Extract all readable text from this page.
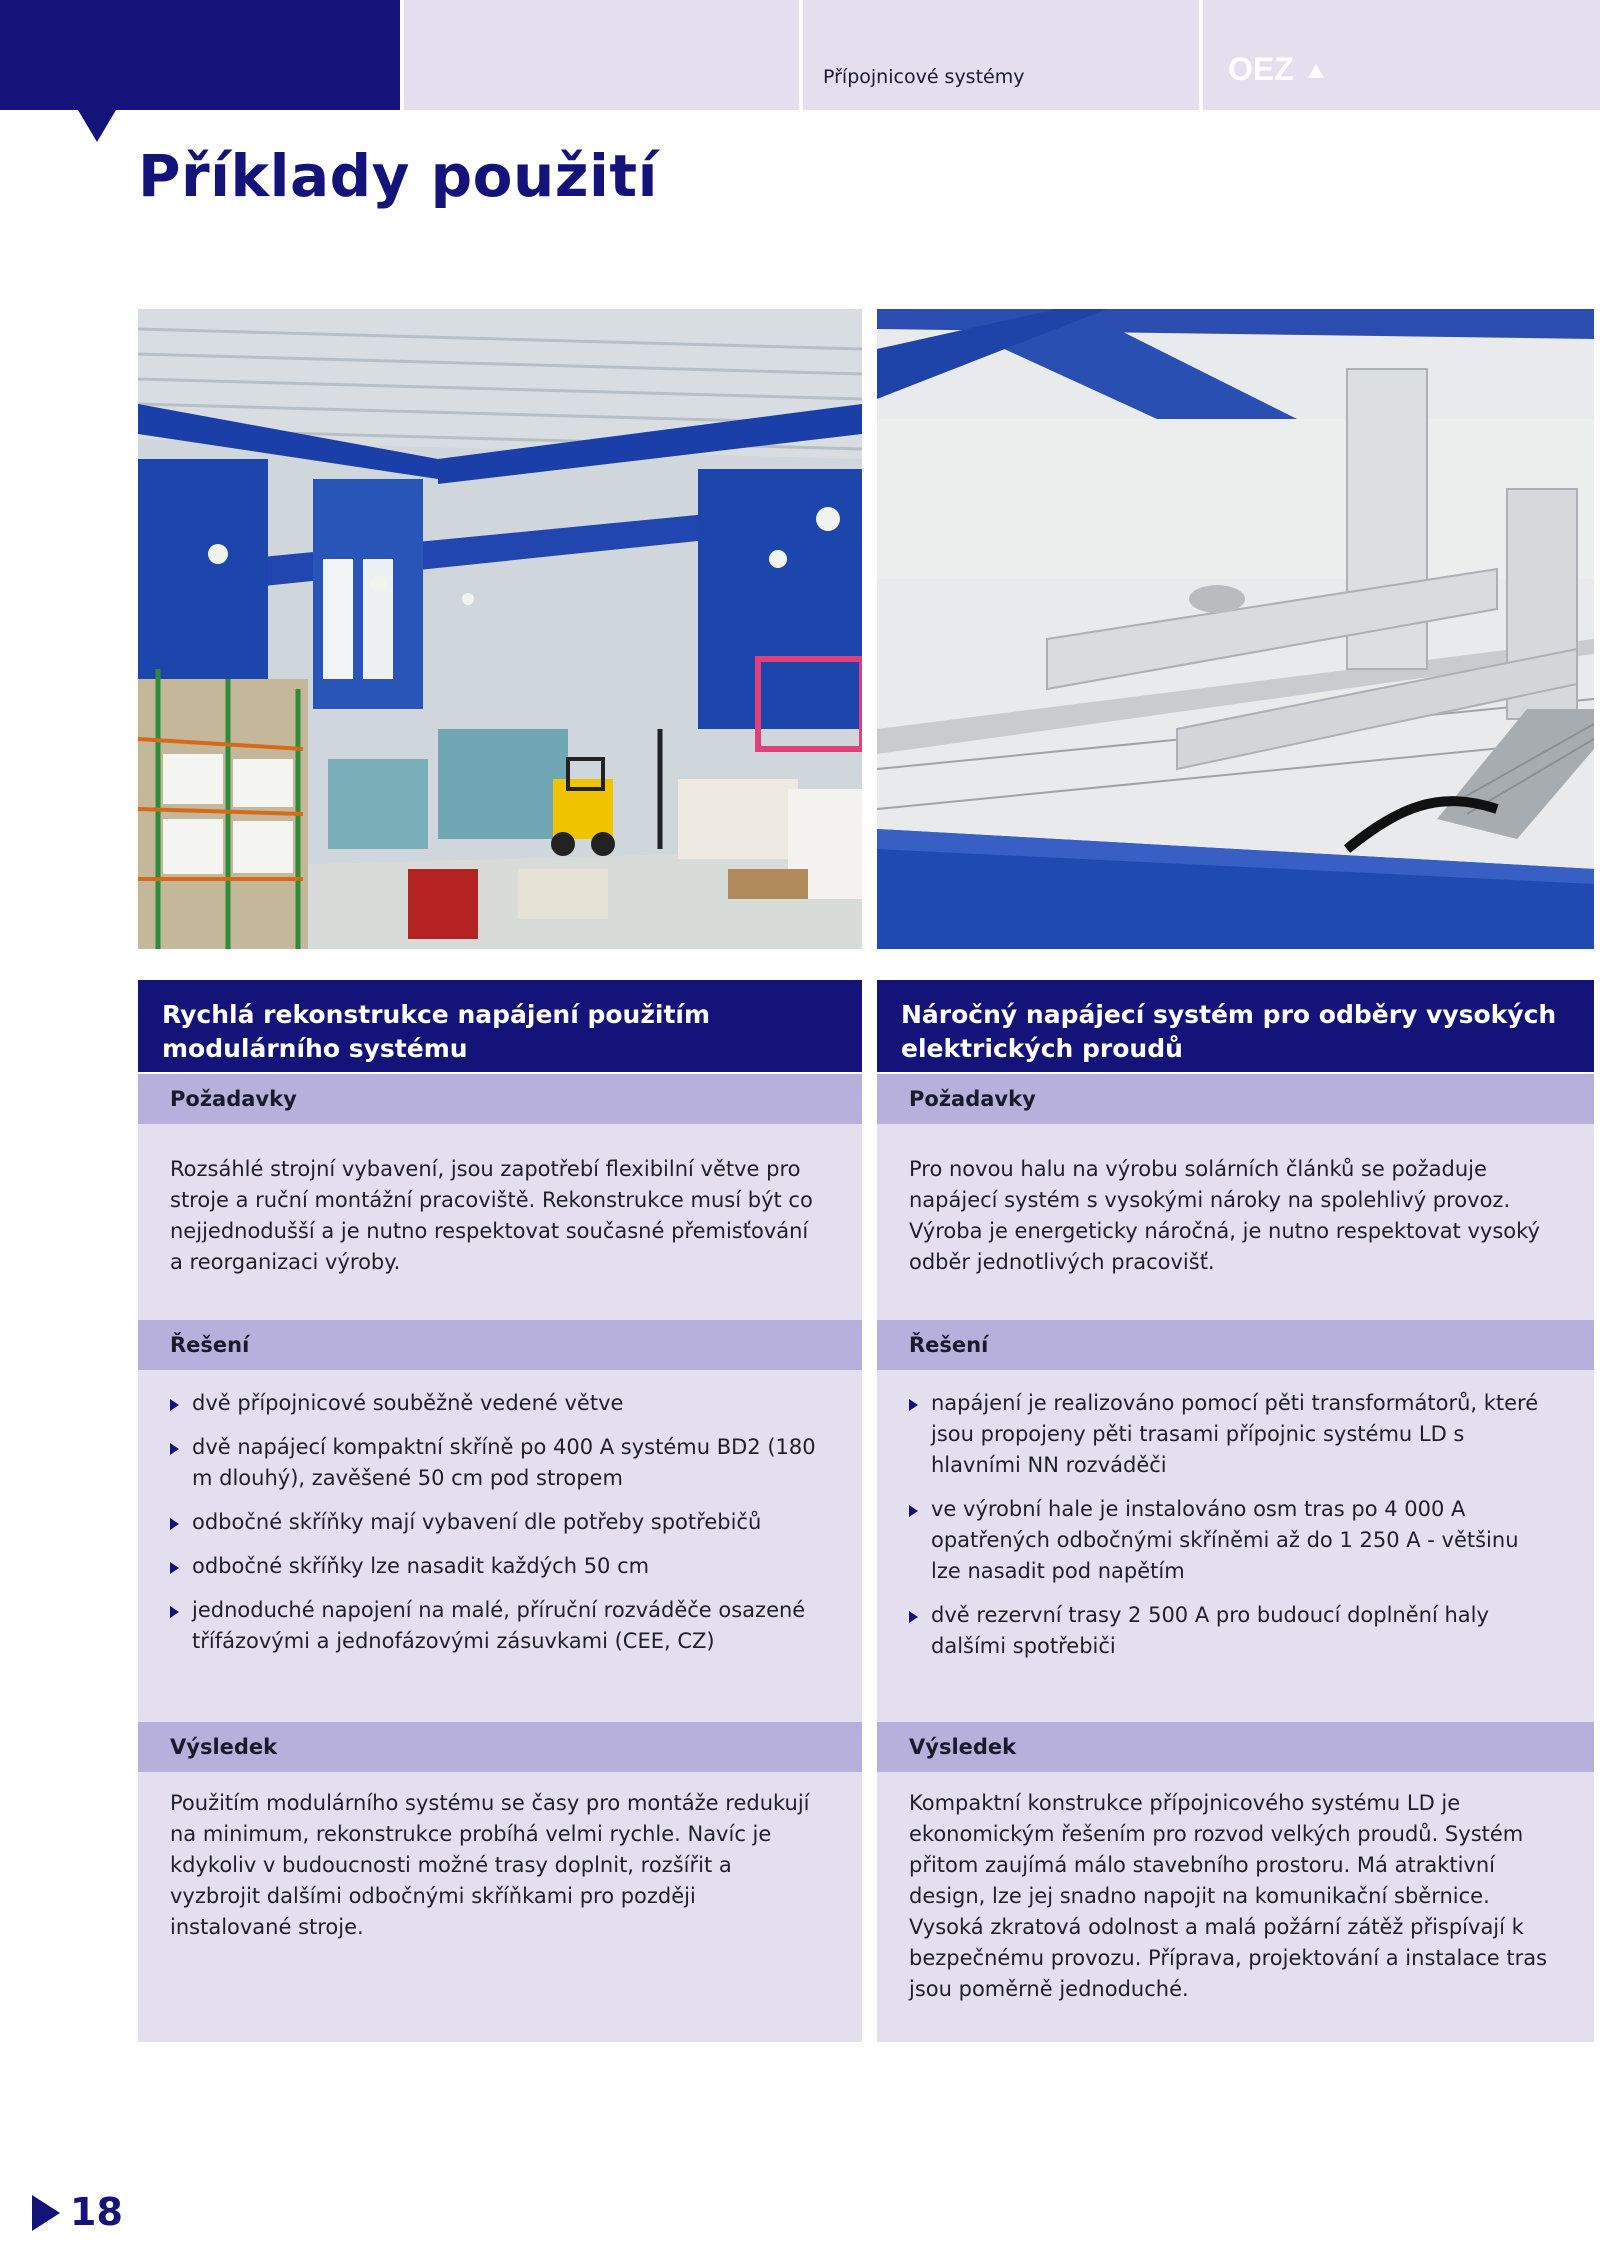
Přípojnicové systémy	OEZ
Příklady použití
Rychlá rekonstrukce napájení použitím modulárního systému
Požadavky

Rozsáhlé strojní vybavení, jsou zapotřebí flexibilní větve pro stroje a ruční montážní pracoviště. Rekonstrukce musí být co nejjednodušší a je nutno respektovat současné přemisťování a reorganizaci výroby.

Řešení
dvě přípojnicové souběžně vedené větve
dvě napájecí kompaktní skříně po 400 A systému BD2 (180 m dlouhý), zavěšené 50 cm pod stropem
odbočné skříňky mají vybavení dle potřeby spotřebičů
odbočné skříňky lze nasadit každých 50 cm
jednoduché napojení na malé, příruční rozváděče osazené třífázovými a jednofázovými zásuvkami (CEE, CZ)
Výsledek

Použitím modulárního systému se časy pro montáže redukují na minimum, rekonstrukce probíhá velmi rychle. Navíc je kdykoliv v budoucnosti možné trasy doplnit, rozšířit a vyzbrojit dalšími odbočnými skříňkami pro později instalované stroje.

Náročný napájecí systém pro odběry vysokých elektrických proudů
Požadavky

Pro novou halu na výrobu solárních článků se požaduje napájecí systém s vysokými nároky na spolehlivý provoz. Výroba je energeticky náročná, je nutno respektovat vysoký odběr jednotlivých pracovišť.

Řešení
napájení je realizováno pomocí pěti transformátorů, které jsou propojeny pěti trasami přípojnic systému LD s hlavními NN rozváděči
ve výrobní hale je instalováno osm tras po 4 000 A opatřených odbočnými skříněmi až do 1 250 A - většinu lze nasadit pod napětím
dvě rezervní trasy 2 500 A pro budoucí doplnění haly dalšími spotřebiči
Výsledek

Kompaktní konstrukce přípojnicového systému LD je ekonomickým řešením pro rozvod velkých proudů. Systém přitom zaujímá málo stavebního prostoru. Má atraktivní design, lze jej snadno napojit na komunikační sběrnice. Vysoká zkratová odolnost a malá požární zátěž přispívají k bezpečnému provozu. Příprava, projektování a instalace tras jsou poměrně jednoduché.

18
